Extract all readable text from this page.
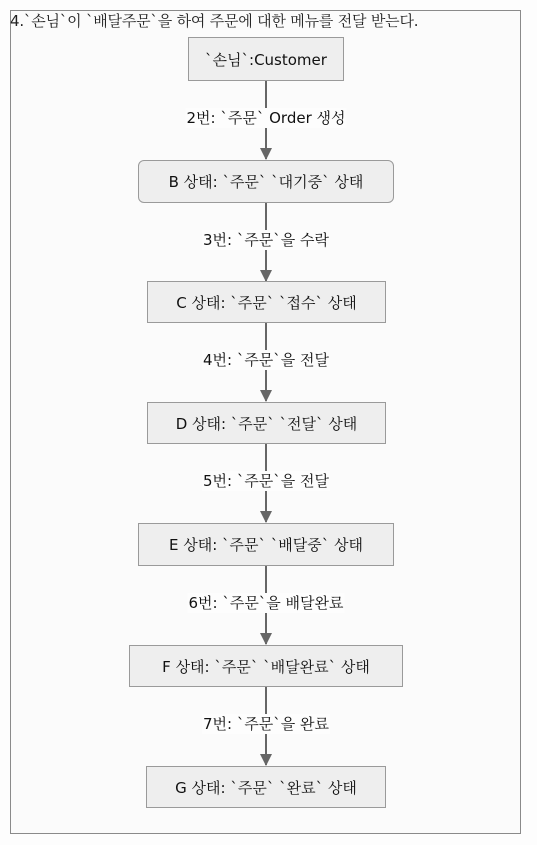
4.`손님`이 `배달주문`을 하여 주문에 대한 메뉴를 전달 받는다.
`손님`:Customer
B 상태: `주문` `대기중` 상태
C 상태: `주문` `접수` 상태
D 상태: `주문` `전달` 상태
E 상태: `주문` `배달중` 상태
F 상태: `주문` `배달완료` 상태
G 상태: `주문` `완료` 상태
2번: `주문` Order 생성
3번: `주문`을 수락
4번: `주문`을 전달
5번: `주문`을 전달
6번: `주문`을 배달완료
7번: `주문`을 완료
